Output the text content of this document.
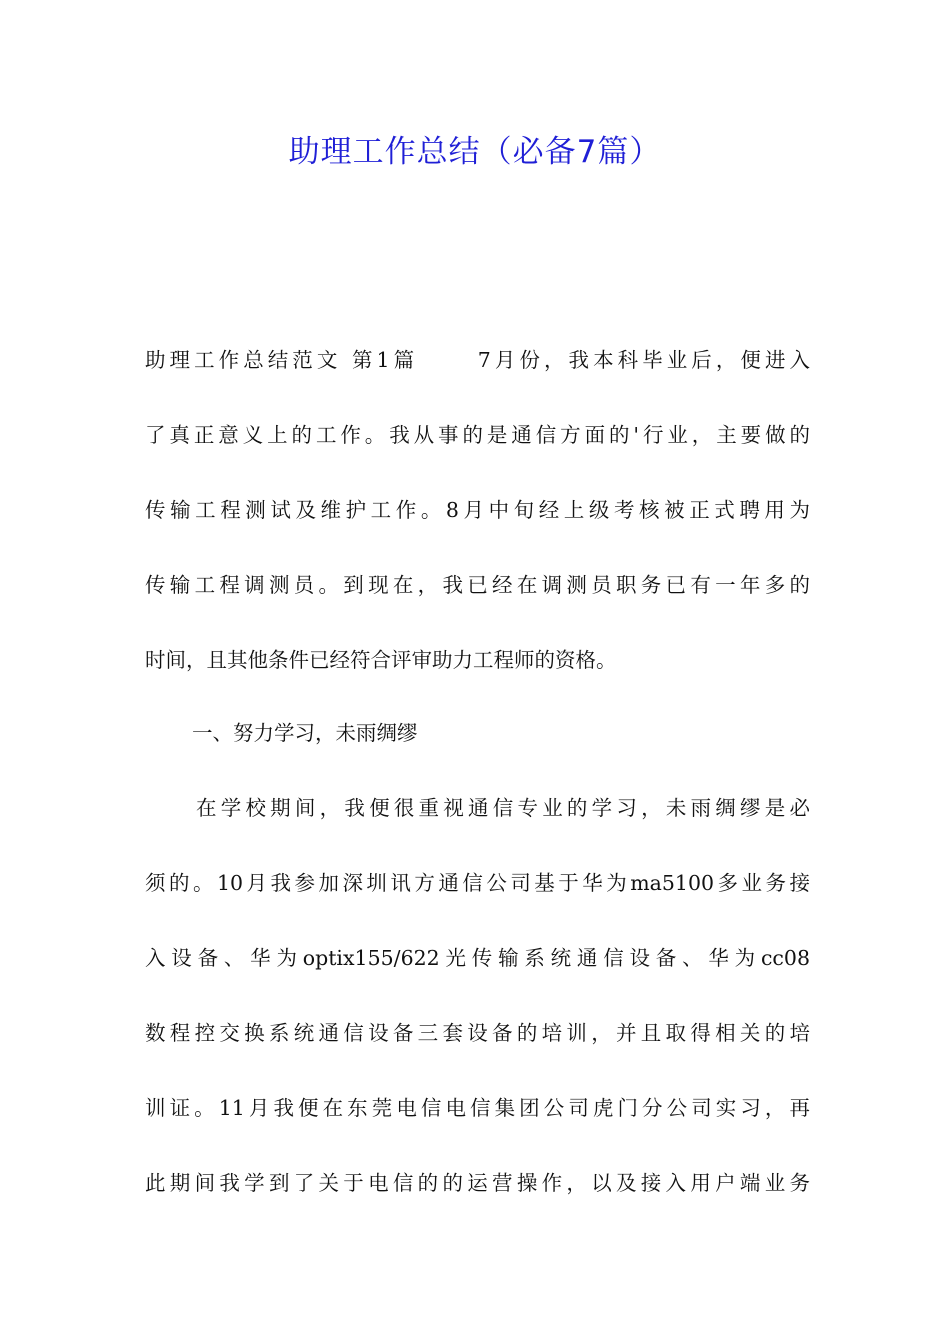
助理工作总结（必备7篇）
助理工作总结范文 第1篇　　 7月份，我本科毕业后，便进入
了真正意义上的工作。我从事的是通信方面的'行业，主要做的
传输工程测试及维护工作。8月中旬经上级考核被正式聘用为
传输工程调测员。到现在，我已经在调测员职务已有一年多的
时间，且其他条件已经符合评审助力工程师的资格。
一、努力学习，未雨绸缪
在学校期间，我便很重视通信专业的学习，未雨绸缪是必
须的。10月我参加深圳讯方通信公司基于华为ma5100多业务接
入设备、华为optix155/622光传输系统通信设备、华为cc08
数程控交换系统通信设备三套设备的培训，并且取得相关的培
训证。11月我便在东莞电信电信集团公司虎门分公司实习，再
此期间我学到了关于电信的的运营操作，以及接入用户端业务
